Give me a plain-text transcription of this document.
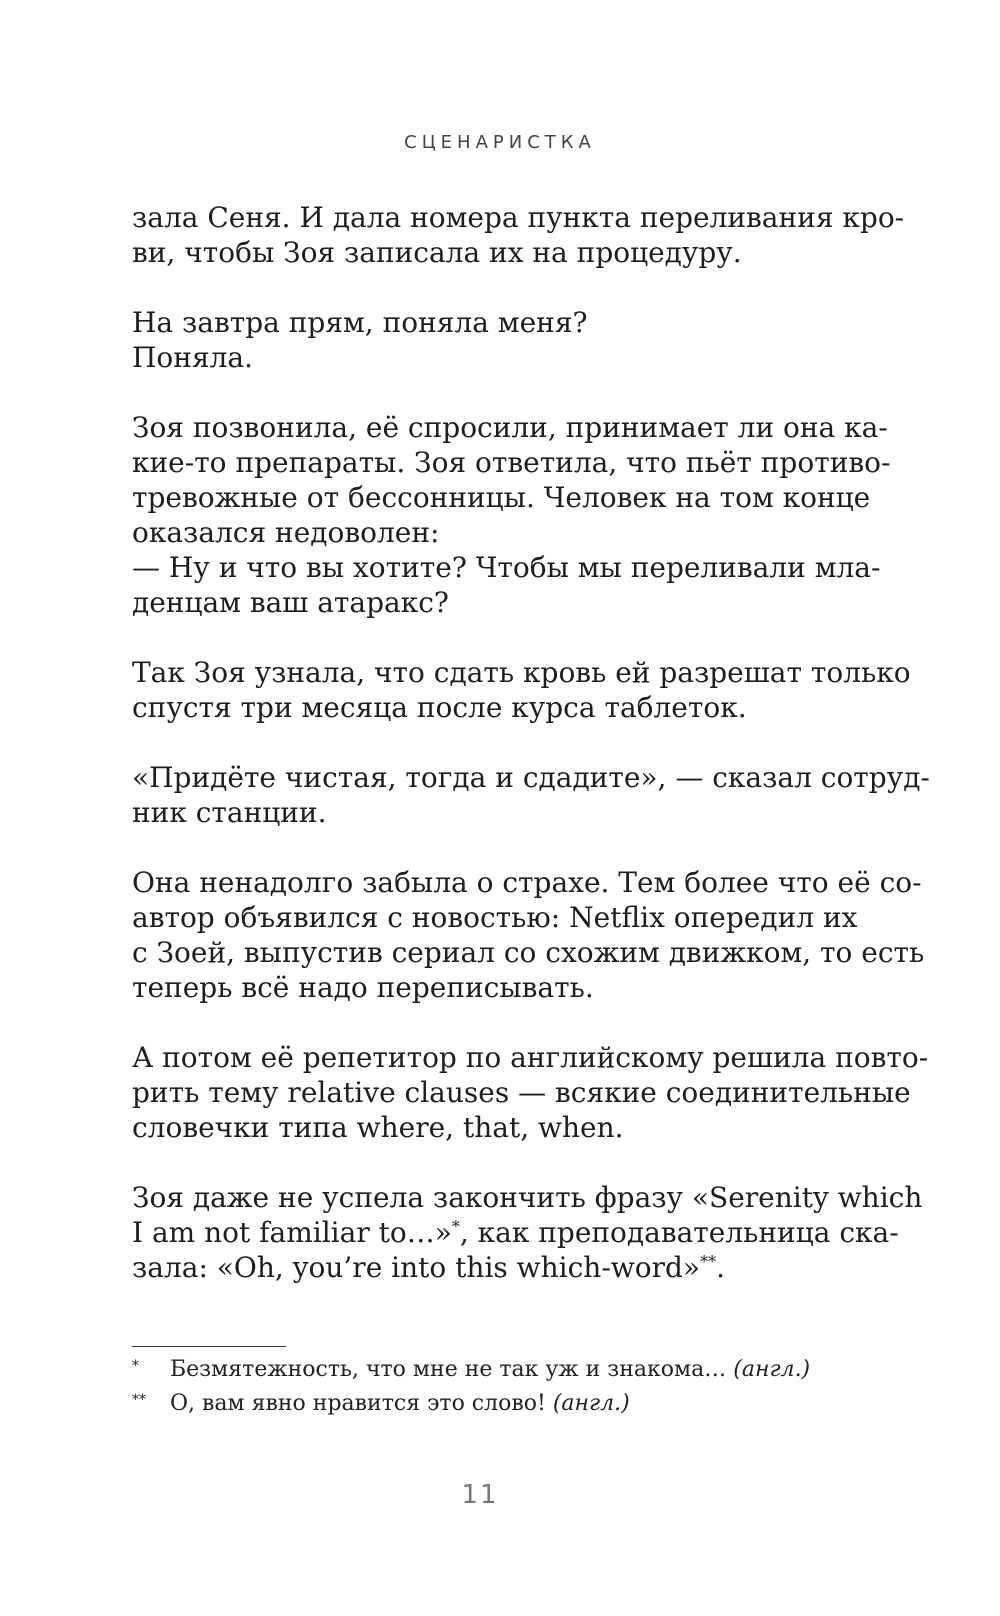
СЦЕНАРИСТКА
зала Сеня. И дала номера пункта переливания кро-
ви, чтобы Зоя записала их на процедуру.
На завтра прям, поняла меня?
Поняла.
Зоя позвонила, её спросили, принимает ли она ка-
кие-то препараты. Зоя ответила, что пьёт противо-
тревожные от бессонницы. Человек на том конце
оказался недоволен:
— Ну и что вы хотите? Чтобы мы переливали мла-
денцам ваш атаракс?
Так Зоя узнала, что сдать кровь ей разрешат только
спустя три месяца после курса таблеток.
«Придёте чистая, тогда и сдадите», — сказал сотруд-
ник станции.
Она ненадолго забыла о страхе. Тем более что её со-
автор объявился с новостью: Netflix опередил их
с Зоей, выпустив сериал со схожим движком, то есть
теперь всё надо переписывать.
А потом её репетитор по английскому решила повто-
рить тему relative clauses — всякие соединительные
словечки типа where, that, when.
Зоя даже не успела закончить фразу «Serenity which
I am not familiar to…»*, как преподавательница ска-
зала: «Oh, you’re into this which-word»**.
*	Безмятежность, что мне не так уж и знакома… (англ.)
**	О, вам явно нравится это слово! (англ.)
11
